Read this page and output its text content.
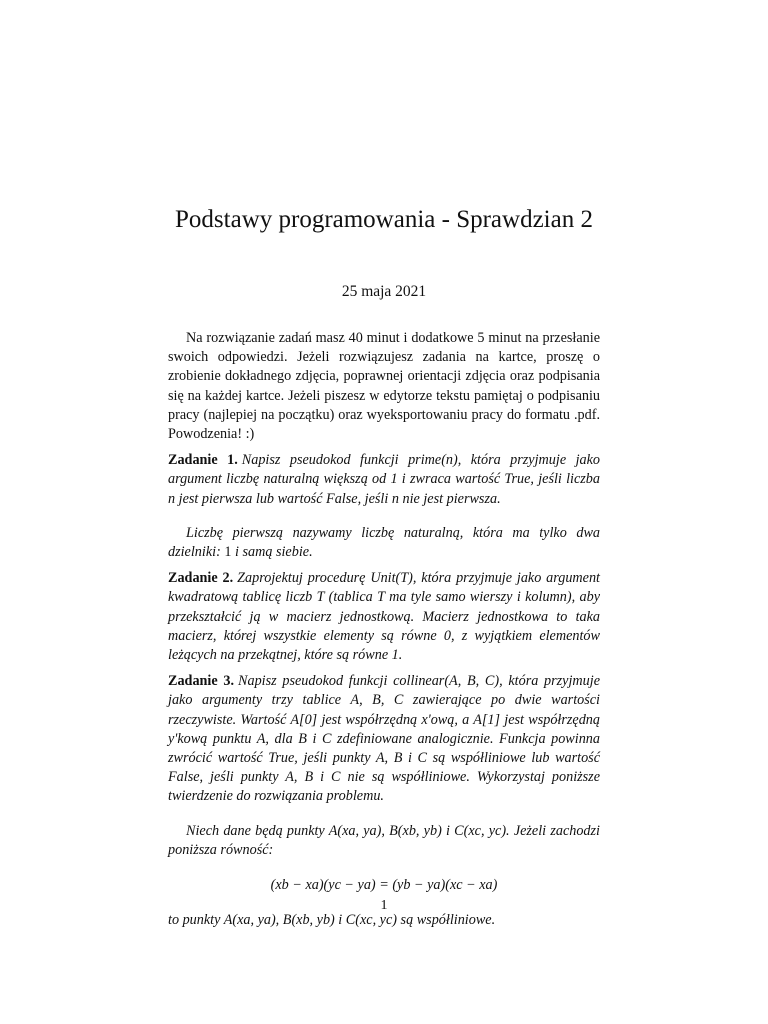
Podstawy programowania - Sprawdzian 2
25 maja 2021

Na rozwiązanie zadań masz 40 minut i dodatkowe 5 minut na przesłanie swoich odpowiedzi. Jeżeli rozwiązujesz zadania na kartce, proszę o zrobienie dokładnego zdjęcia, poprawnej orientacji zdjęcia oraz podpisania się na każdej kartce. Jeżeli piszesz w edytorze tekstu pamiętaj o podpisaniu pracy (najlepiej na początku) oraz wyeksportowaniu pracy do formatu .pdf. Powodzenia! :)

Zadanie 1. Napisz pseudokod funkcji prime(n), która przyjmuje jako argument liczbę naturalną większą od 1 i zwraca wartość True, jeśli liczba n jest pierwsza lub wartość False, jeśli n nie jest pierwsza.

Liczbę pierwszą nazywamy liczbę naturalną, która ma tylko dwa dzielniki: 1 i samą siebie.

Zadanie 2. Zaprojektuj procedurę Unit(T), która przyjmuje jako argument kwadratową tablicę liczb T (tablica T ma tyle samo wierszy i kolumn), aby przekształcić ją w macierz jednostkową. Macierz jednostkowa to taka macierz, której wszystkie elementy są równe 0, z wyjątkiem elementów leżących na przekątnej, które są równe 1.

Zadanie 3. Napisz pseudokod funkcji collinear(A, B, C), która przyjmuje jako argumenty trzy tablice A, B, C zawierające po dwie wartości rzeczywiste. Wartość A[0] jest współrzędną x'ową, a A[1] jest współrzędną y'kową punktu A, dla B i C zdefiniowane analogicznie. Funkcja powinna zwrócić wartość True, jeśli punkty A, B i C są współliniowe lub wartość False, jeśli punkty A, B i C nie są współliniowe. Wykorzystaj poniższe twierdzenie do rozwiązania problemu.

Niech dane będą punkty A(xa, ya), B(xb, yb) i C(xc, yc). Jeżeli zachodzi poniższa równość:

(xb − xa)(yc − ya) = (yb − ya)(xc − xa)

to punkty A(xa, ya), B(xb, yb) i C(xc, yc) są współliniowe.

1
